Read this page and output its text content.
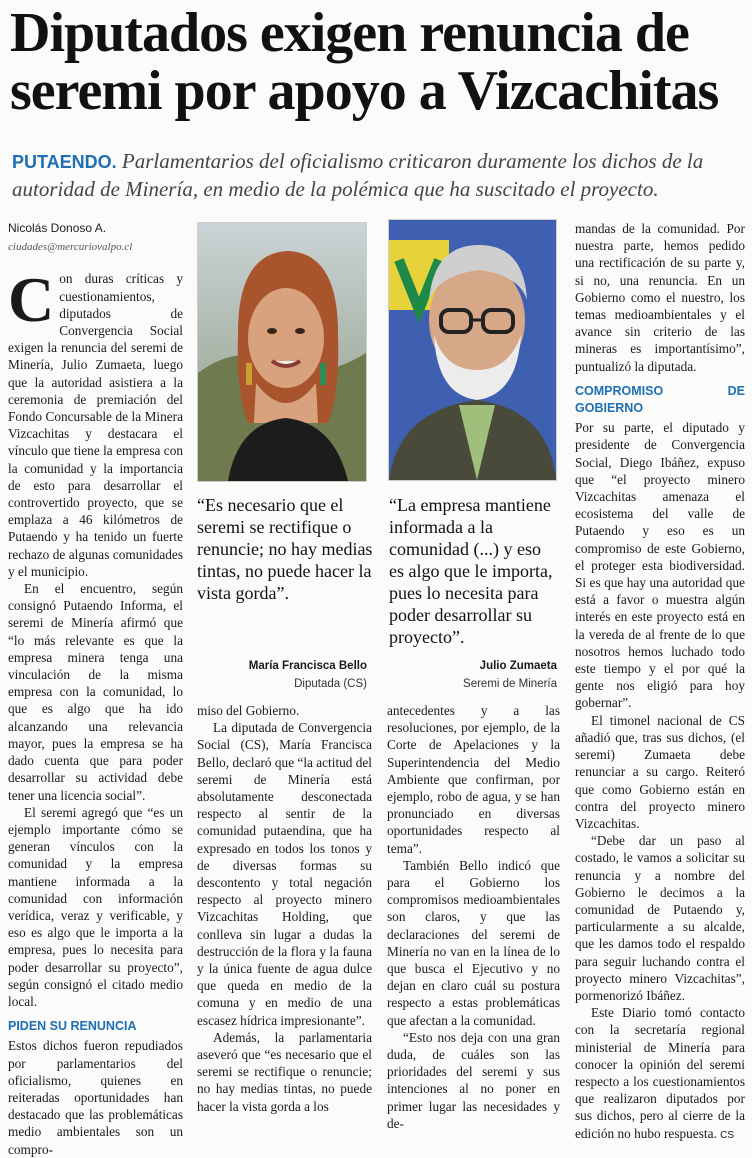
Diputados exigen renuncia de
seremi por apoyo a Vizcachitas
PUTAENDO. Parlamentarios del oficialismo criticaron duramente los dichos de la autoridad de Minería, en medio de la polémica que ha suscitado el proyecto.
Nicolás Donoso A.
ciudades@mercuriovalpo.cl

Con duras críticas y cuestionamientos, diputados de Convergencia Social exigen la renuncia del seremi de Minería, Julio Zumaeta, luego que la autoridad asistiera a la ceremonia de premiación del Fondo Concursable de la Minera Vizcachitas y destacara el vínculo que tiene la empresa con la comunidad y la importancia de esto para desarrollar el controvertido proyecto, que se emplaza a 46 kilómetros de Putaendo y ha tenido un fuerte rechazo de algunas comunidades y el municipio.

En el encuentro, según consignó Putaendo Informa, el seremi de Minería afirmó que “lo más relevante es que la empresa minera tenga una vinculación de la misma empresa con la comunidad, lo que es algo que ha ido alcanzando una relevancia mayor, pues la empresa se ha dado cuenta que para poder desarrollar su actividad debe tener una licencia social”.

El seremi agregó que “es un ejemplo importante cómo se generan vínculos con la comunidad y la empresa mantiene informada a la comunidad con información verídica, veraz y verificable, y eso es algo que le importa a la empresa, pues lo necesita para poder desarrollar su proyecto”, según consignó el citado medio local.

PIDEN SU RENUNCIA

Estos dichos fueron repudiados por parlamentarios del oficialismo, quienes en reiteradas oportunidades han destacado que las problemáticas medio ambientales son un compro-

“Es necesario que el seremi se rectifique o renuncie; no hay medias tintas, no puede hacer la vista gorda”.
María Francisca Bello
Diputada (CS)
“La empresa mantiene informada a la comunidad (...) y eso es algo que le importa, pues lo necesita para poder desarrollar su proyecto”.
Julio Zumaeta
Seremi de Minería

miso del Gobierno.

La diputada de Convergencia Social (CS), María Francisca Bello, declaró que “la actitud del seremi de Minería está absolutamente desconectada respecto al sentir de la comunidad putaendina, que ha expresado en todos los tonos y de diversas formas su descontento y total negación respecto al proyecto minero Vizcachitas Holding, que conlleva sin lugar a dudas la destrucción de la flora y la fauna y la única fuente de agua dulce que queda en medio de la comuna y en medio de una escasez hídrica impresionante”.

Además, la parlamentaria aseveró que “es necesario que el seremi se rectifique o renuncie; no hay medias tintas, no puede hacer la vista gorda a los

antecedentes y a las resoluciones, por ejemplo, de la Corte de Apelaciones y la Superintendencia del Medio Ambiente que confirman, por ejemplo, robo de agua, y se han pronunciado en diversas oportunidades respecto al tema”.

También Bello indicó que para el Gobierno los compromisos medioambientales son claros, y que las declaraciones del seremi de Minería no van en la línea de lo que busca el Ejecutivo y no dejan en claro cuál su postura respecto a estas problemáticas que afectan a la comunidad.

“Esto nos deja con una gran duda, de cuáles son las prioridades del seremi y sus intenciones al no poner en primer lugar las necesidades y de-

mandas de la comunidad. Por nuestra parte, hemos pedido una rectificación de su parte y, si no, una renuncia. En un Gobierno como el nuestro, los temas medioambientales y el avance sin criterio de las mineras es importantísimo”, puntualizó la diputada.

COMPROMISO DE GOBIERNO

Por su parte, el diputado y presidente de Convergencia Social, Diego Ibáñez, expuso que “el proyecto minero Vizcachitas amenaza el ecosistema del valle de Putaendo y eso es un compromiso de este Gobierno, el proteger esta biodiversidad. Si es que hay una autoridad que está a favor o muestra algún interés en este proyecto está en la vereda de al frente de lo que nosotros hemos luchado todo este tiempo y el por qué la gente nos eligió para hoy gobernar”.

El timonel nacional de CS añadió que, tras sus dichos, (el seremi) Zumaeta debe renunciar a su cargo. Reiteró que como Gobierno están en contra del proyecto minero Vizcachitas.

“Debe dar un paso al costado, le vamos a solicitar su renuncia y a nombre del Gobierno le decimos a la comunidad de Putaendo y, particularmente a su alcalde, que les damos todo el respaldo para seguir luchando contra el proyecto minero Vizcachitas”, pormenorizó Ibáñez.

Este Diario tomó contacto con la secretaría regional ministerial de Minería para conocer la opinión del seremi respecto a los cuestionamientos que realizaron diputados por sus dichos, pero al cierre de la edición no hubo respuesta. CS
